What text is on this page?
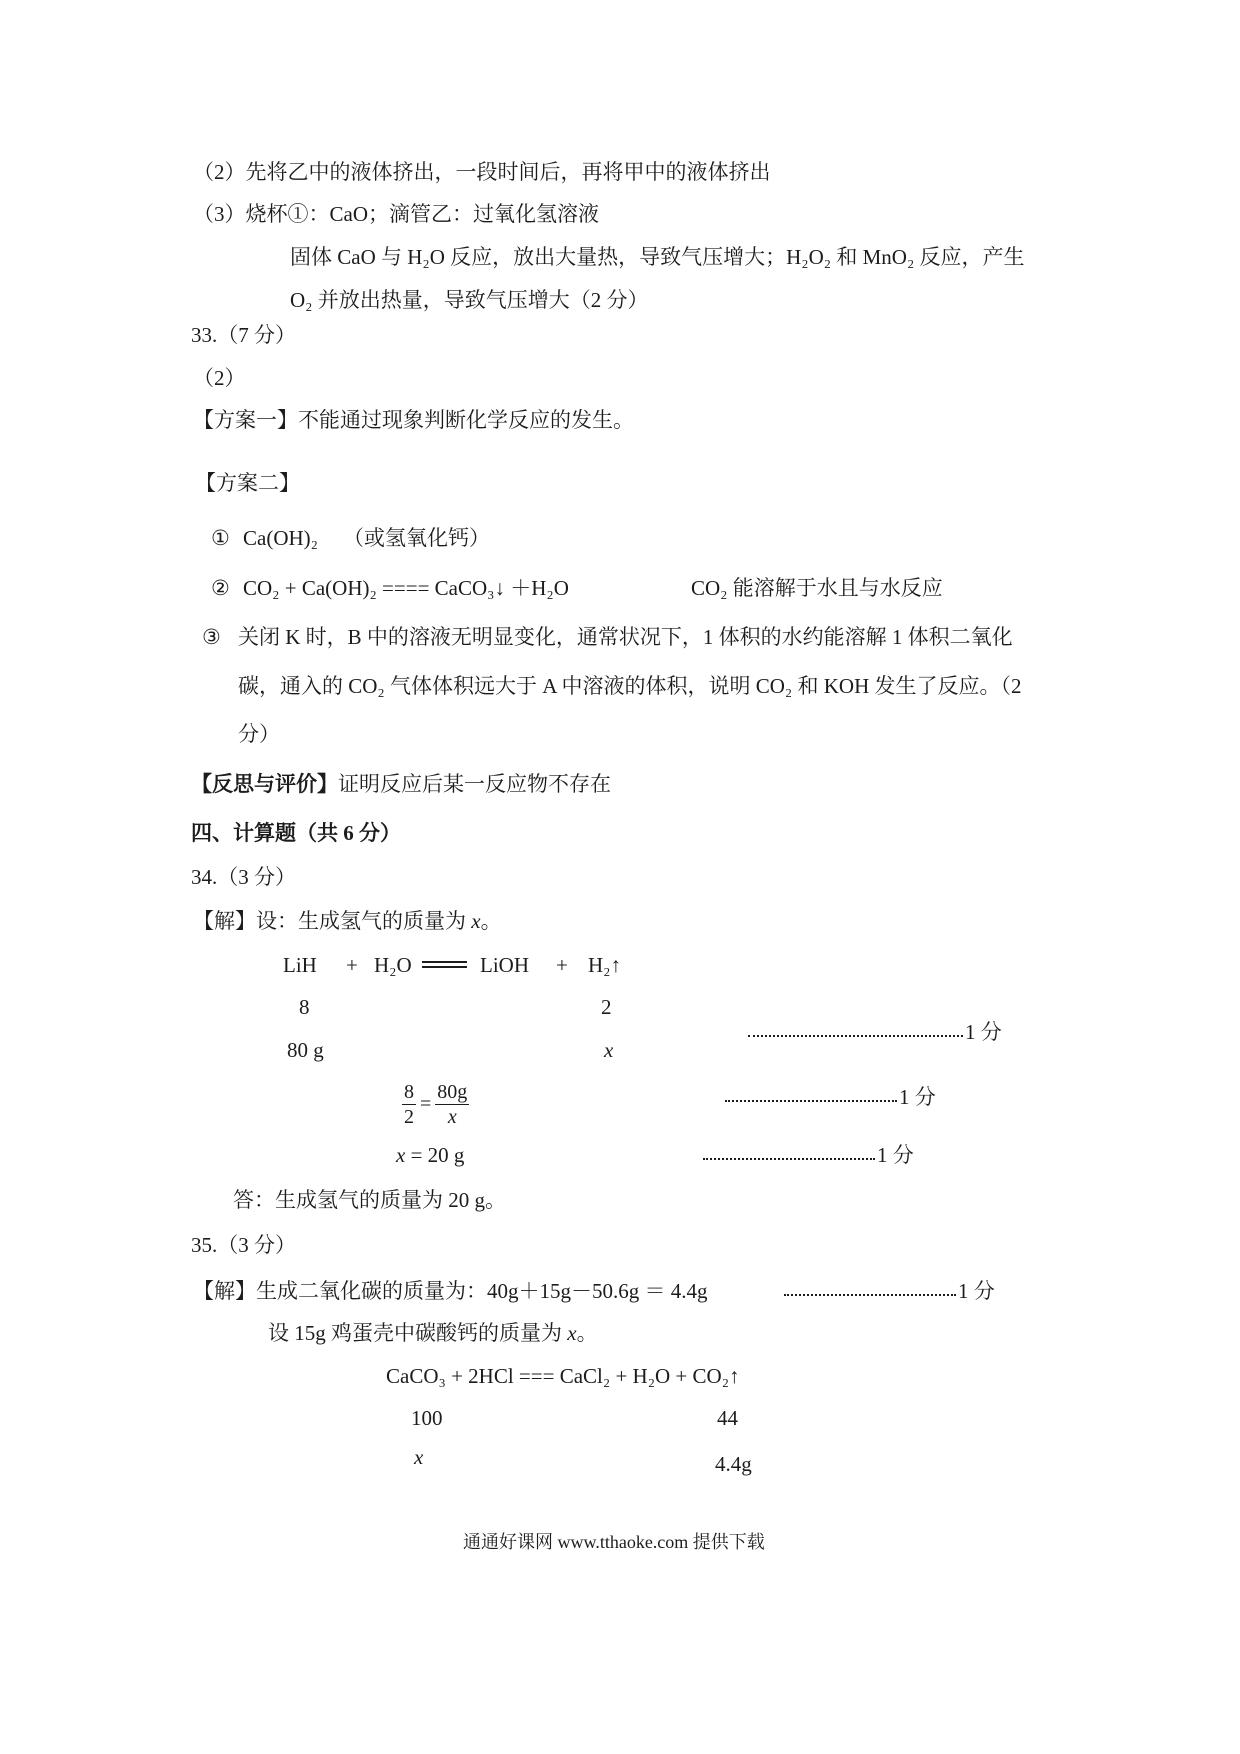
（2）先将乙中的液体挤出，一段时间后，再将甲中的液体挤出
（3）烧杯①：CaO；滴管乙：过氧化氢溶液
固体 CaO 与 H₂O 反应，放出大量热，导致气压增大；H₂O₂ 和 MnO₂ 反应，产生
O₂ 并放出热量，导致气压增大（2 分）
33.（7 分）
（2）
【方案一】不能通过现象判断化学反应的发生。
【方案二】
① Ca(OH)₂ （或氢氧化钙）
② CO₂ + Ca(OH)₂ ==== CaCO₃↓ ＋H₂O	CO₂ 能溶解于水且与水反应
③ 关闭 K 时，B 中的溶液无明显变化，通常状况下，1 体积的水约能溶解 1 体积二氧化
碳，通入的 CO₂ 气体体积远大于 A 中溶液的体积，说明 CO₂ 和 KOH 发生了反应。（2
分）
【反思与评价】证明反应后某一反应物不存在
四、计算题（共 6 分）
34.（3 分）
【解】设：生成氢气的质量为 x。
LiH + H₂O	LiOH + H₂↑
8	2
80 g	x
1 分
$\frac{8}{2} = \frac{80g}{x}$	1 分
x = 20 g	1 分
答：生成氢气的质量为 20 g。
35.（3 分）
【解】生成二氧化碳的质量为：40g＋15g－50.6g ＝ 4.4g	1 分
设 15g 鸡蛋壳中碳酸钙的质量为 x。
CaCO₃ + 2HCl === CaCl₂ + H₂O + CO₂↑
100	44
x	4.4g
通通好课网 www.tthaoke.com 提供下载
